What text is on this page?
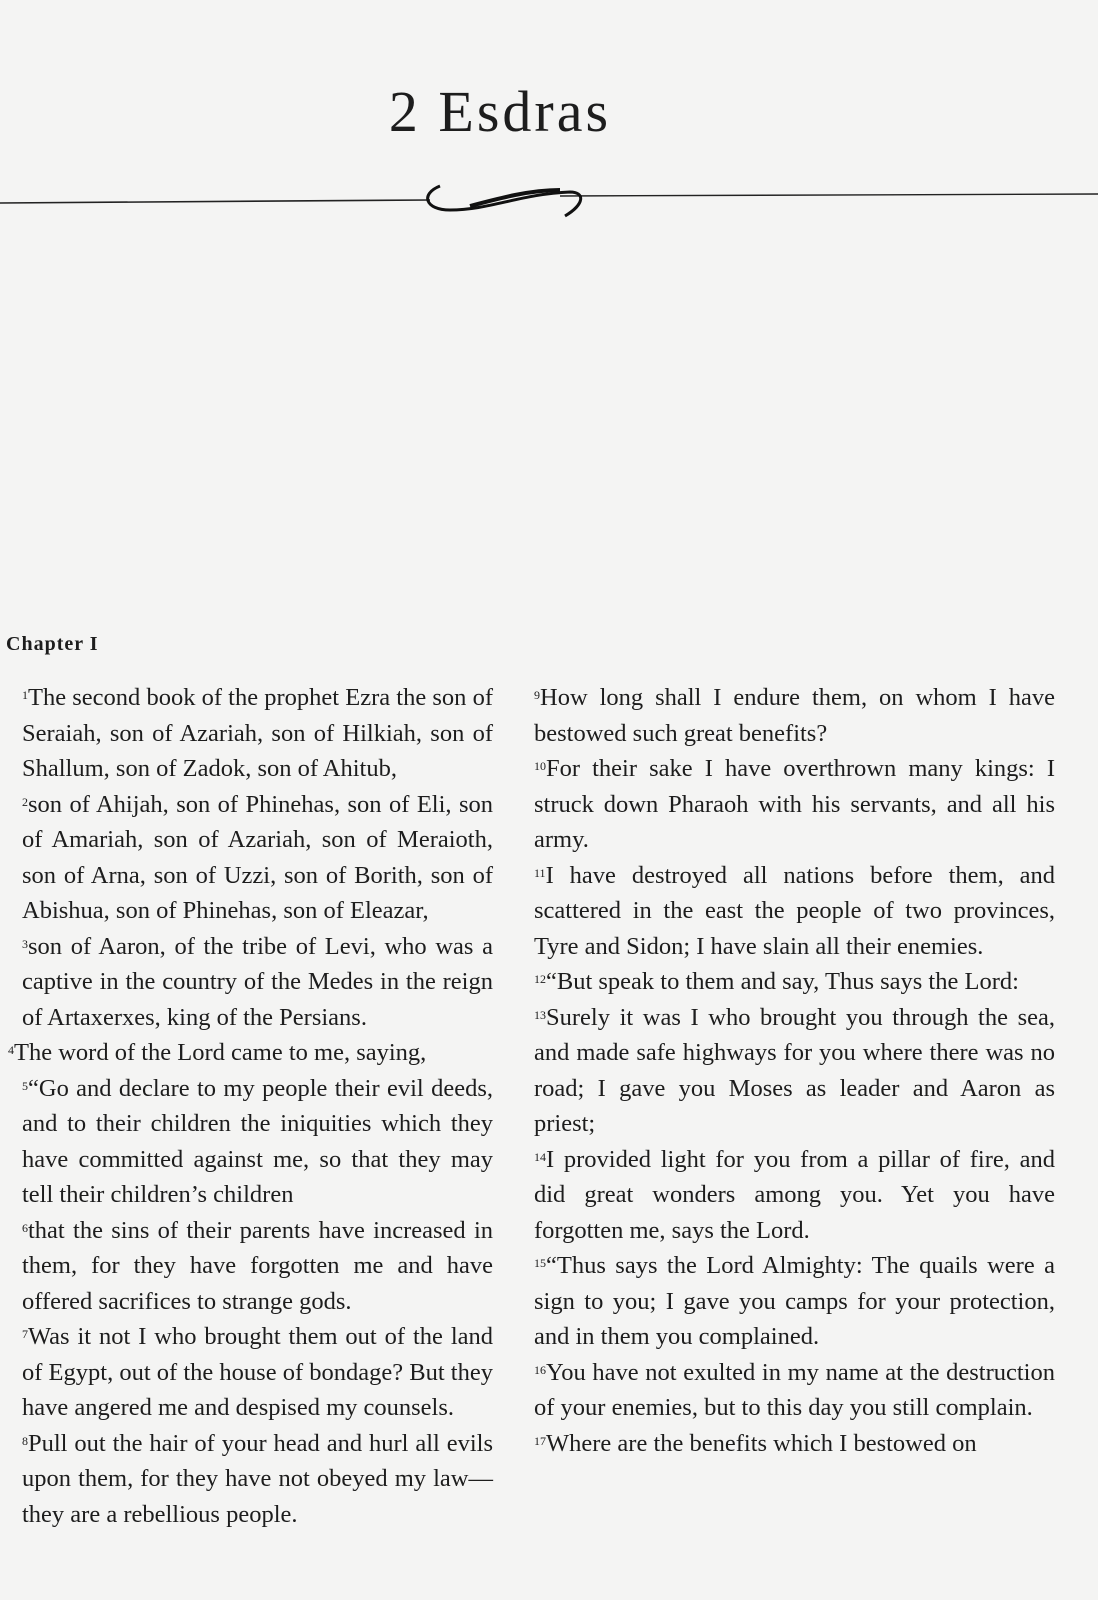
2 Esdras
Chapter I

$^1$The second book of the prophet Ezra the son of Seraiah, son of Azariah, son of Hilkiah, son of Shallum, son of Zadok, son of Ahitub,

$^2$son of Ahijah, son of Phinehas, son of Eli, son of Amariah, son of Azariah, son of Meraioth, son of Arna, son of Uzzi, son of Borith, son of Abishua, son of Phinehas, son of Eleazar,

$^3$son of Aaron, of the tribe of Levi, who was a captive in the country of the Medes in the reign of Artaxerxes, king of the Persians.

$^4$The word of the Lord came to me, saying,

$^5$“Go and declare to my people their evil deeds, and to their children the iniquities which they have committed against me, so that they may tell their children’s children

$^6$that the sins of their parents have increased in them, for they have forgotten me and have offered sacrifices to strange gods.

$^7$Was it not I who brought them out of the land of Egypt, out of the house of bondage? But they have angered me and despised my counsels.

$^8$Pull out the hair of your head and hurl all evils upon them, for they have not obeyed my law— they are a rebellious people.

$^9$How long shall I endure them, on whom I have bestowed such great benefits?

$^{10}$For their sake I have overthrown many kings: I struck down Pharaoh with his servants, and all his army.

$^{11}$I have destroyed all nations before them, and scattered in the east the people of two provinces, Tyre and Sidon; I have slain all their enemies.

$^{12}$“But speak to them and say, Thus says the Lord:

$^{13}$Surely it was I who brought you through the sea, and made safe highways for you where there was no road; I gave you Moses as leader and Aaron as priest;

$^{14}$I provided light for you from a pillar of fire, and did great wonders among you. Yet you have forgotten me, says the Lord.

$^{15}$“Thus says the Lord Almighty: The quails were a sign to you; I gave you camps for your protection, and in them you complained.

$^{16}$You have not exulted in my name at the destruction of your enemies, but to this day you still complain.

$^{17}$Where are the benefits which I bestowed on
